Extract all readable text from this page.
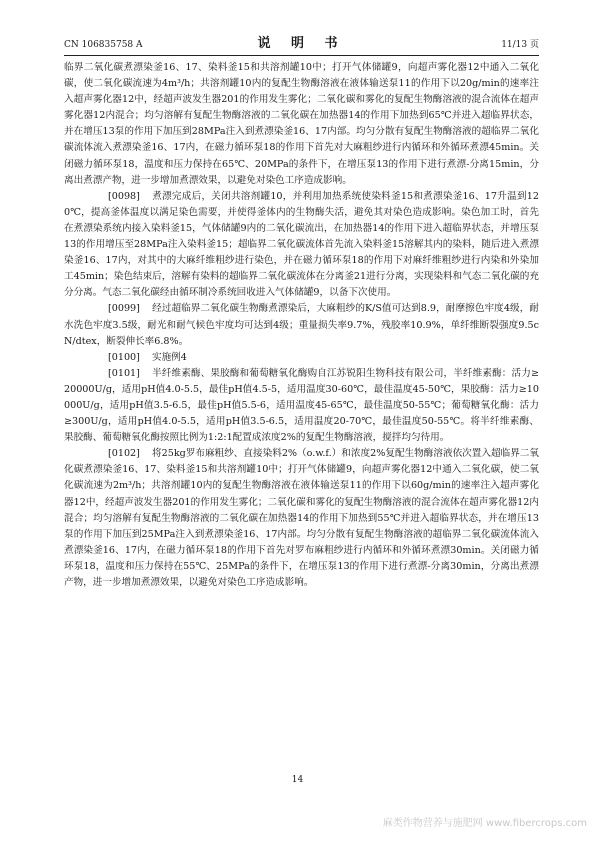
CN 106835758 A	说 明 书	11/13 页

临界二氧化碳煮漂染釜16、17、染料釜15和共溶剂罐10中；打开气体储罐9，向超声雾化器12中通入二氧化碳，使二氧化碳流速为4m³/h；共溶剂罐10内的复配生物酶溶液在液体输送泵11的作用下以20g/min的速率注入超声雾化器12中，经超声波发生器201的作用发生雾化；二氧化碳和雾化的复配生物酶溶液的混合流体在超声雾化器12内混合；均匀溶解有复配生物酶溶液的二氧化碳在加热器14的作用下加热到65℃并进入超临界状态，并在增压13泵的作用下加压到28MPa注入到煮漂染釜16、17内部。均匀分散有复配生物酶溶液的超临界二氧化碳流体流入煮漂染釜16、17内，在磁力循环泵18的作用下首先对大麻粗纱进行内循环和外循环煮漂45min。关闭磁力循环泵18，温度和压力保持在65℃、20MPa的条件下，在增压泵13的作用下进行煮漂-分离15min，分离出煮漂产物，进一步增加煮漂效果，以避免对染色工序造成影响。

[0098] 煮漂完成后，关闭共溶剂罐10，并利用加热系统使染料釜15和煮漂染釜16、17升温到120℃，提高釜体温度以满足染色需要，并使得釜体内的生物酶失活，避免其对染色造成影响。染色加工时，首先在煮漂染系统内接入染料釜15，气体储罐9内的二氧化碳流出，在加热器14的作用下进入超临界状态，并增压泵13的作用增压至28MPa注入染料釜15；超临界二氧化碳流体首先流入染料釜15溶解其内的染料，随后进入煮漂染釜16、17内，对其中的大麻纤维粗纱进行染色，并在磁力循环泵18的作用下对麻纤维粗纱进行内染和外染加工45min；染色结束后，溶解有染料的超临界二氧化碳流体在分离釜21进行分离，实现染料和气态二氧化碳的充分分离。气态二氧化碳经由循环制冷系统回收进入气体储罐9，以备下次使用。

[0099] 经过超临界二氧化碳生物酶煮漂染后，大麻粗纱的K/S值可达到8.9，耐摩擦色牢度4级，耐水洗色牢度3.5级，耐光和耐气候色牢度均可达到4级；重量损失率9.7%，残胶率10.9%，单纤维断裂强度9.5cN/dtex，断裂伸长率6.8%。

[0100] 实施例4

[0101] 半纤维素酶、果胶酶和葡萄糖氧化酶购自江苏锐阳生物科技有限公司，半纤维素酶：活力≥20000U/g，适用pH值4.0-5.5，最佳pH值4.5-5，适用温度30-60℃，最佳温度45-50℃，果胶酶：活力≥10000U/g，适用pH值3.5-6.5，最佳pH值5.5-6，适用温度45-65℃，最佳温度50-55℃；葡萄糖氧化酶：活力≥300U/g，适用pH值4.0-5.5，适用pH值3.5-6.5，适用温度20-70℃，最佳温度50-55℃。将半纤维素酶、果胶酶、葡萄糖氧化酶按照比例为1:2:1配置成浓度2%的复配生物酶溶液，搅拌均匀待用。

[0102] 将25kg罗布麻粗纱、直接染料2%（o.w.f.）和浓度2%复配生物酶溶液依次置入超临界二氧化碳煮漂染釜16、17、染料釜15和共溶剂罐10中；打开气体储罐9，向超声雾化器12中通入二氧化碳，使二氧化碳流速为2m³/h；共溶剂罐10内的复配生物酶溶液在液体输送泵11的作用下以60g/min的速率注入超声雾化器12中，经超声波发生器201的作用发生雾化；二氧化碳和雾化的复配生物酶溶液的混合流体在超声雾化器12内混合；均匀溶解有复配生物酶溶液的二氧化碳在加热器14的作用下加热到55℃并进入超临界状态，并在增压13泵的作用下加压到25MPa注入到煮漂染釜16、17内部。均匀分散有复配生物酶溶液的超临界二氧化碳流体流入煮漂染釜16、17内，在磁力循环泵18的作用下首先对罗布麻粗纱进行内循环和外循环煮漂30min。关闭磁力循环泵18，温度和压力保持在55℃、25MPa的条件下，在增压泵13的作用下进行煮漂-分离30min，分离出煮漂产物，进一步增加煮漂效果，以避免对染色工序造成影响。

14
麻类作物营养与施肥网 www.fibercrops.com
